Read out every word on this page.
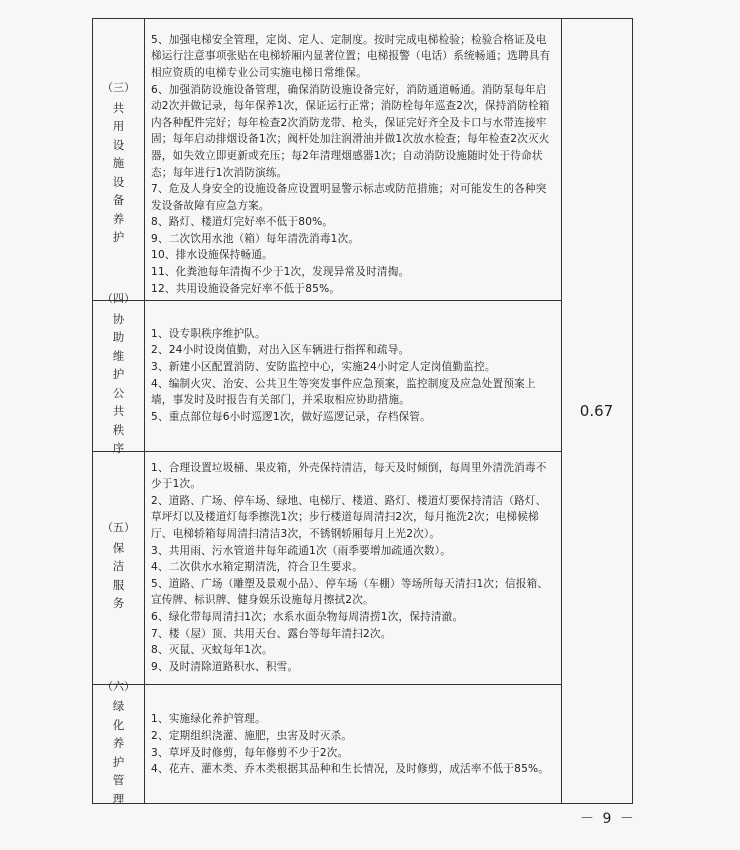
（三）
共
用
设
施
设
备
养
护

5、加强电梯安全管理，定岗、定人、定制度。按时完成电梯检验；检验合格证及电梯运行注意事项张贴在电梯轿厢内显著位置；电梯报警（电话）系统畅通；选聘具有相应资质的电梯专业公司实施电梯日常维保。

6、加强消防设施设备管理，确保消防设施设备完好，消防通道畅通。消防泵每年启动2次并做记录，每年保养1次，保证运行正常；消防栓每年巡查2次，保持消防栓箱内各种配件完好；每年检查2次消防龙带、枪头，保证完好齐全及卡口与水带连接牢固；每年启动排烟设备1次；阀杆处加注润滑油并做1次放水检查；每年检查2次灭火器，如失效立即更新或充压；每2年清理烟感器1次；自动消防设施随时处于待命状态；每年进行1次消防演练。

7、危及人身安全的设施设备应设置明显警示标志或防范措施；对可能发生的各种突发设备故障有应急方案。

8、路灯、楼道灯完好率不低于80%。

9、二次饮用水池（箱）每年清洗消毒1次。

10、排水设施保持畅通。

11、化粪池每年清掏不少于1次，发现异常及时清掏。

12、共用设施设备完好率不低于85%。

（四）
协
助
维
护
公
共
秩
序

1、设专职秩序维护队。

2、24小时设岗值勤，对出入区车辆进行指挥和疏导。

3、新建小区配置消防、安防监控中心，实施24小时定人定岗值勤监控。

4、编制火灾、治安、公共卫生等突发事件应急预案，监控制度及应急处置预案上墙，事发时及时报告有关部门，并采取相应协助措施。

5、重点部位每6小时巡逻1次，做好巡逻记录，存档保管。

（五）
保
洁
服
务

1、合理设置垃圾桶、果皮箱，外壳保持清洁，每天及时倾倒，每周里外清洗消毒不少于1次。

2、道路、广场、停车场、绿地、电梯厅、楼道、路灯、楼道灯要保持清洁（路灯、草坪灯以及楼道灯每季擦洗1次；步行楼道每周清扫2次，每月拖洗2次；电梯候梯厅、电梯轿箱每周清扫清洁3次，不锈钢轿厢每月上光2次）。

3、共用雨、污水管道井每年疏通1次（雨季要增加疏通次数）。

4、二次供水水箱定期清洗，符合卫生要求。

5、道路、广场（雕塑及景观小品）、停车场（车棚）等场所每天清扫1次；信报箱、宣传牌、标识牌、健身娱乐设施每月擦拭2次。

6、绿化带每周清扫1次；水系水面杂物每周清捞1次，保持清澈。

7、楼（屋）顶、共用天台、露台等每年清扫2次。

8、灭鼠、灭蚊每年1次。

9、及时清除道路积水、积雪。

（六）
绿
化
养
护
管
理

1、实施绿化养护管理。

2、定期组织浇灌、施肥，虫害及时灭杀。

3、草坪及时修剪，每年修剪不少于2次。

4、花卉、灌木类、乔木类根据其品种和生长情况，及时修剪，成活率不低于85%。

0.67
－ 9 －
